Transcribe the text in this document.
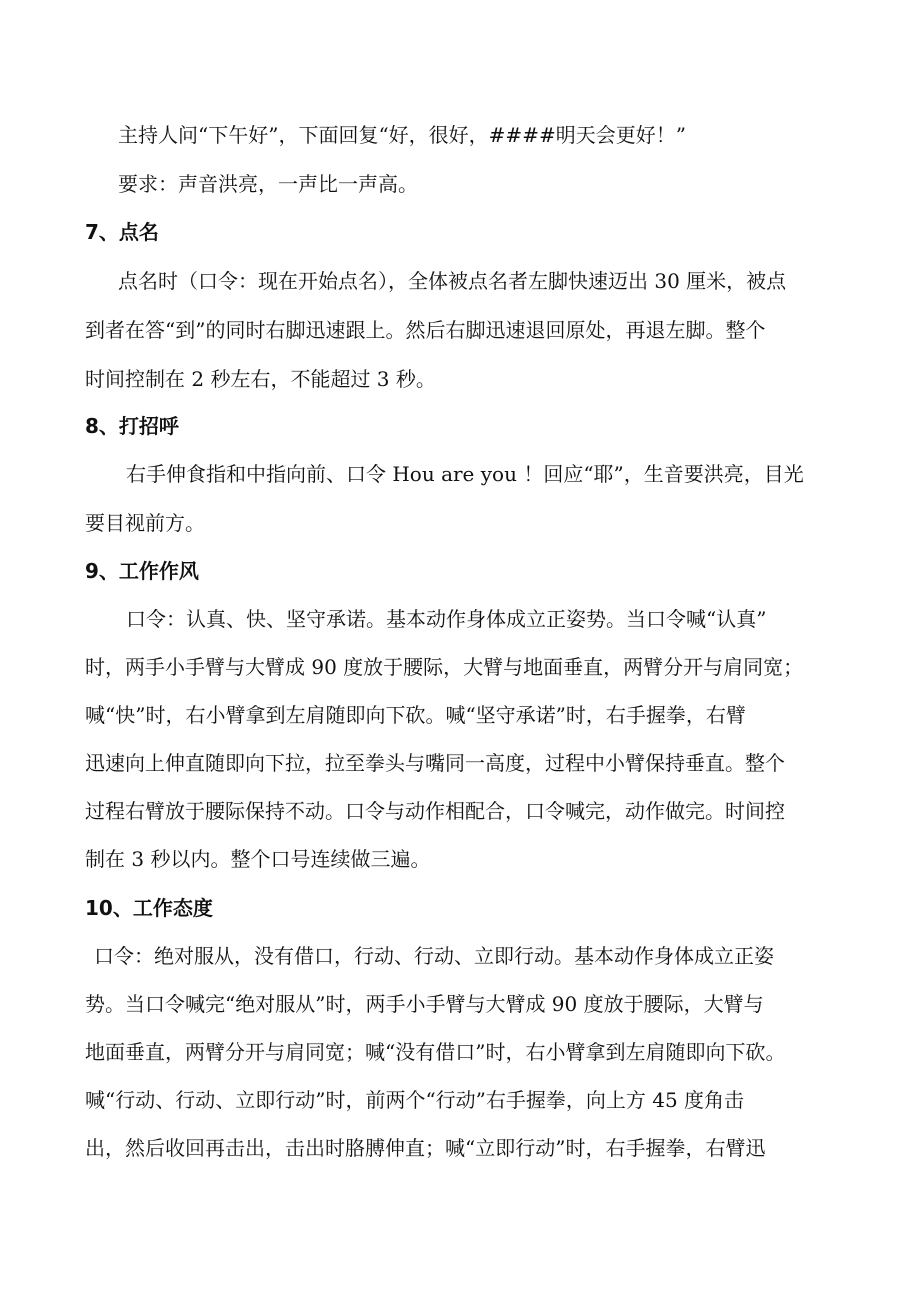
主持人问“下午好”，下面回复“好，很好，####明天会更好！”
要求：声音洪亮，一声比一声高。
7、点名
点名时（口令：现在开始点名），全体被点名者左脚快速迈出 30 厘米，被点
到者在答“到”的同时右脚迅速跟上。然后右脚迅速退回原处，再退左脚。整个
时间控制在 2 秒左右，不能超过 3 秒。
8、打招呼
右手伸食指和中指向前、口令 Hou are you ！回应“耶”，生音要洪亮，目光
要目视前方。
9、工作作风
口令：认真、快、坚守承诺。基本动作身体成立正姿势。当口令喊“认真”
时，两手小手臂与大臂成 90 度放于腰际，大臂与地面垂直，两臂分开与肩同宽；
喊“快”时，右小臂拿到左肩随即向下砍。喊“坚守承诺”时，右手握拳，右臂
迅速向上伸直随即向下拉，拉至拳头与嘴同一高度，过程中小臂保持垂直。整个
过程右臂放于腰际保持不动。口令与动作相配合，口令喊完，动作做完。时间控
制在 3 秒以内。整个口号连续做三遍。
10、工作态度
口令：绝对服从，没有借口，行动、行动、立即行动。基本动作身体成立正姿
势。当口令喊完“绝对服从”时，两手小手臂与大臂成 90 度放于腰际，大臂与
地面垂直，两臂分开与肩同宽；喊“没有借口”时，右小臂拿到左肩随即向下砍。
喊“行动、行动、立即行动”时，前两个“行动”右手握拳，向上方 45 度角击
出，然后收回再击出，击出时胳膊伸直；喊“立即行动”时，右手握拳，右臂迅
